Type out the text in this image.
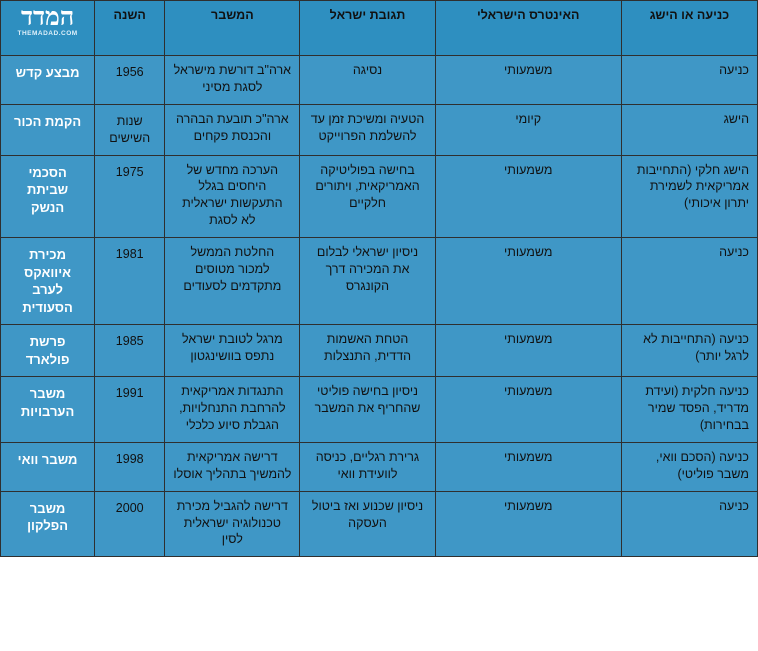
כניעה או הישג	האינטרס הישראלי	תגובת ישראל	המשבר	השנה	המדד
THEMADAD.COM

כניעה	משמעותי	נסיגה	ארה"ב דורשת מישראל לסגת מסיני	1956	מבצע קדש
הישג	קיומי	הטעיה ומשיכת זמן עד להשלמת הפרוייקט	ארה"כ תובעת הבהרה והכנסת פקחים	שנות השישים	הקמת הכור
הישג חלקי (התחייבות אמריקאית לשמירת יתרון איכותי)	משמעותי	בחישה בפוליטיקה האמריקאית, ויתורים חלקיים	הערכה מחדש של היחסים בגלל התעקשות ישראלית לא לסגת	1975	הסכמי שביתת הנשק
כניעה	משמעותי	ניסיון ישראלי לבלום את המכירה דרך הקונגרס	החלטת הממשל למכור מטוסים מתקדמים לסעודים	1981	מכירת איוואקס לערב הסעודית
כניעה (התחייבות לא לרגל יותר)	משמעותי	הטחת האשמות הדדית, התנצלות	מרגל לטובת ישראל נתפס בוושינגטון	1985	פרשת פולארד
כניעה חלקית (ועידת מדריד, הפסד שמיר בבחירות)	משמעותי	ניסיון בחישה פוליטי שהחריף את המשבר	התנגדות אמריקאית להרחבת התנחלויות, הגבלת סיוע כלכלי	1991	משבר הערבויות
כניעה (הסכם וואי, משבר פוליטי)	משמעותי	גרירת רגליים, כניסה לוועידת וואי	דרישה אמריקאית להמשיך בתהליך אוסלו	1998	משבר וואי
כניעה	משמעותי	ניסיון שכנוע ואז ביטול העסקה	דרישה להגביל מכירת טכנולוגיה ישראלית לסין	2000	משבר הפלקון
